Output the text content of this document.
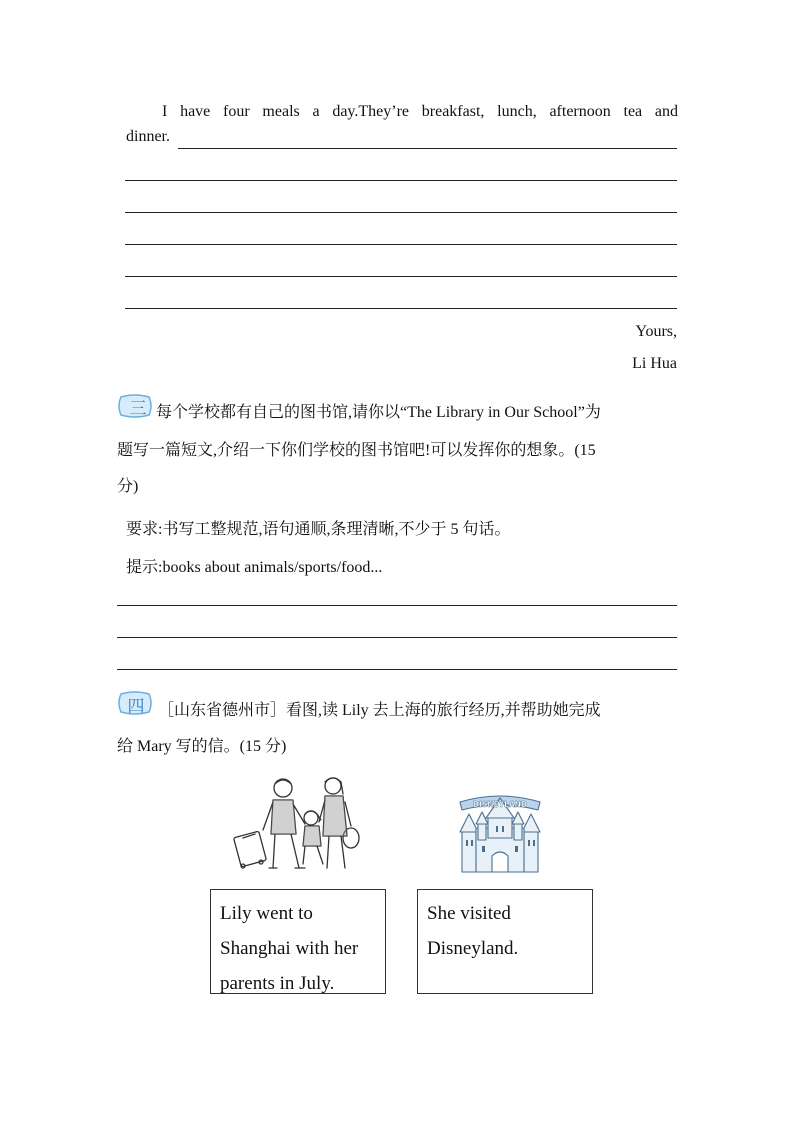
I have four meals a day.They’re breakfast, lunch, afternoon tea and
dinner.
Yours,
Li Hua
三 每个学校都有自己的图书馆,请你以“The Library in Our School”为
题写一篇短文,介绍一下你们学校的图书馆吧!可以发挥你的想象。(15
分)
要求:书写工整规范,语句通顺,条理清晰,不少于 5 句话。
提示:books about animals/sports/food...
四 ［山东省德州市］看图,读 Lily 去上海的旅行经历,并帮助她完成
给 Mary 写的信。(15 分)
DISNEYLAND
Lily went to
Shanghai with her
parents in July.
She visited
Disneyland.
